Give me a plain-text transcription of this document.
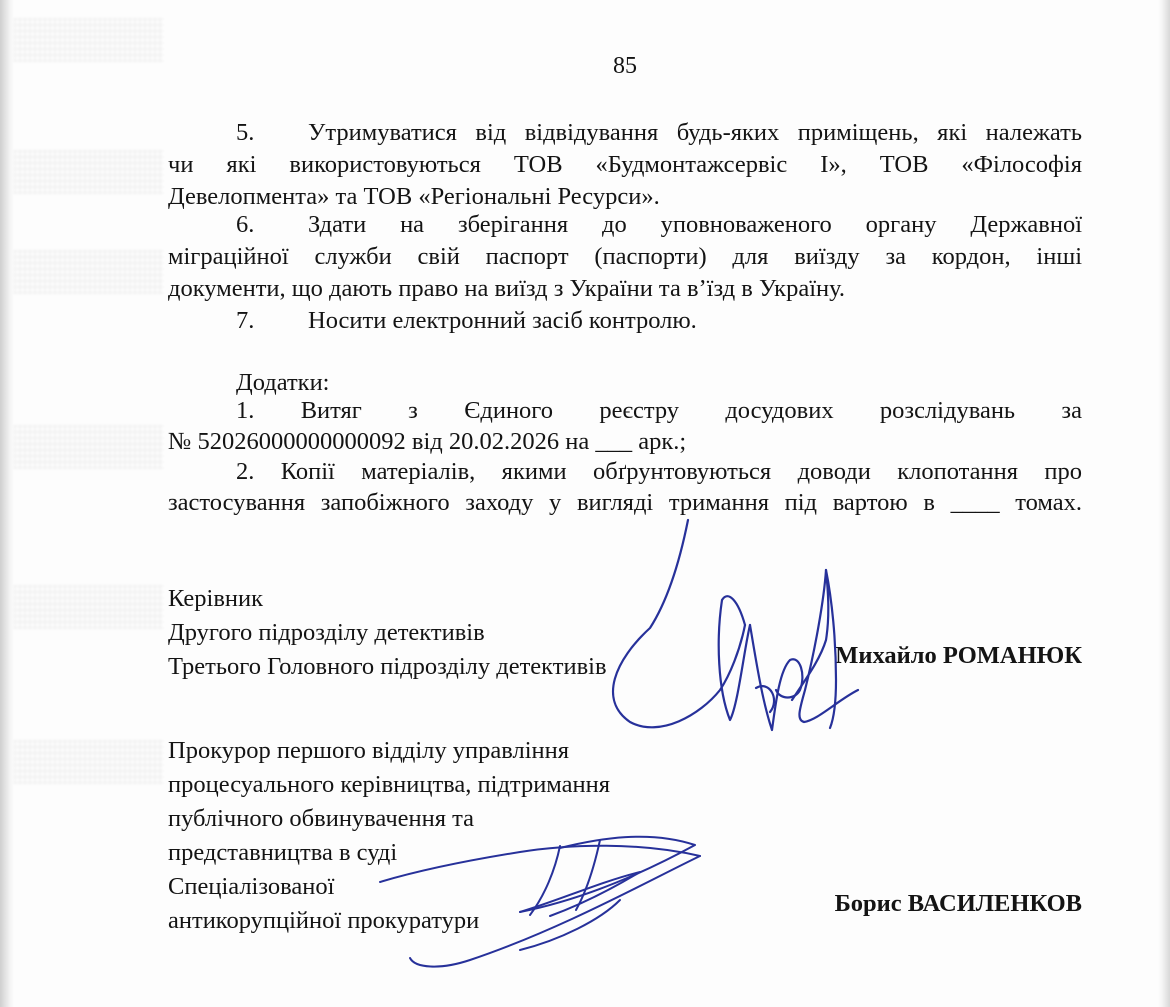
85
5. Утримуватися від відвідування будь-яких приміщень, які належать
чи які використовуються ТОВ «Будмонтажсервіс І», ТОВ «Філософія
Девелопмента» та ТОВ «Регіональні Ресурси».
6. Здати на зберігання до уповноваженого органу Державної
міграційної служби свій паспорт (паспорти) для виїзду за кордон, інші
документи, що дають право на виїзд з України та в’їзд в Україну.
7. Носити електронний засіб контролю.
Додатки:
1. Витяг з Єдиного реєстру досудових розслідувань за
№ 52026000000000092 від 20.02.2026 на ___ арк.;
2. Копії матеріалів, якими обґрунтовуються доводи клопотання про
застосування запобіжного заходу у вигляді тримання під вартою в ____ томах.
Керівник
Другого підрозділу детективів
Третього Головного підрозділу детективів	Михайло РОМАНЮК
Прокурор першого відділу управління
процесуального керівництва, підтримання
публічного обвинувачення та
представництва в суді
Спеціалізованої
антикорупційної прокуратури
Борис ВАСИЛЕНКОВ
